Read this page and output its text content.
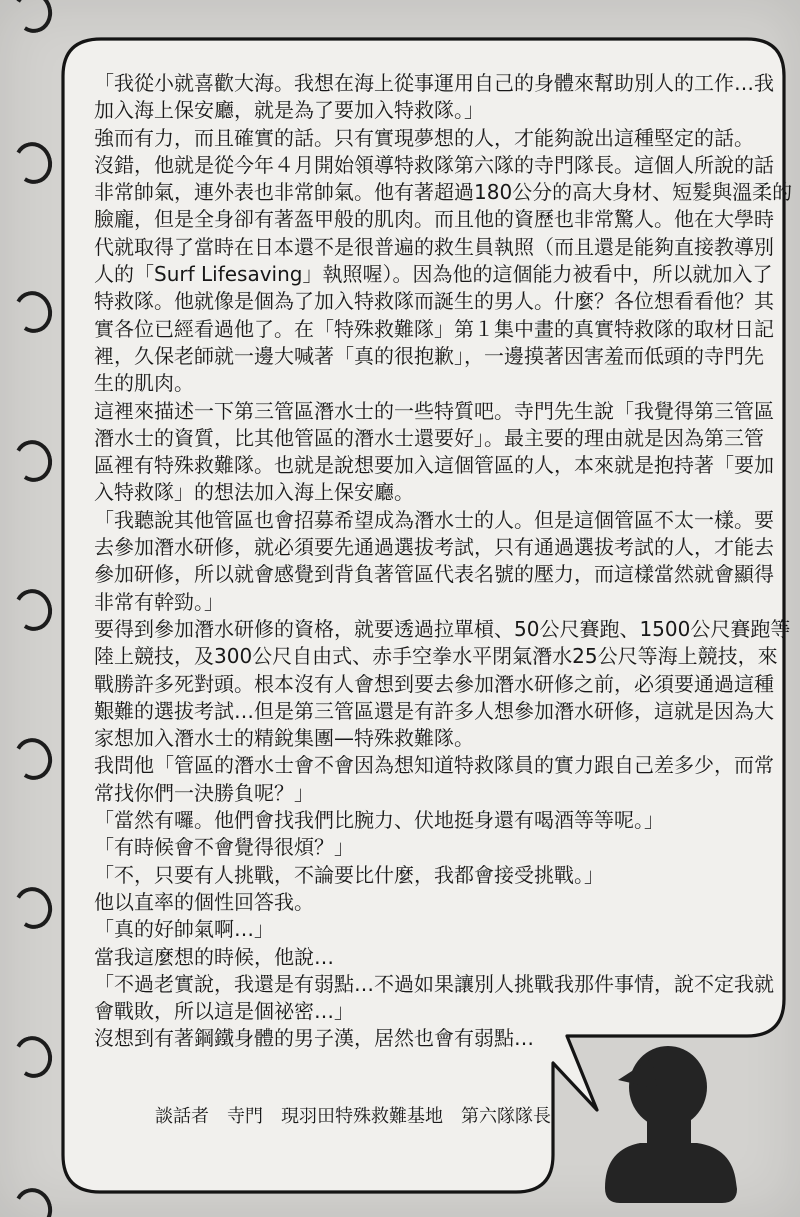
「我從小就喜歡大海。我想在海上從事運用自己的身體來幫助別人的工作…我
加入海上保安廳，就是為了要加入特救隊。」
強而有力，而且確實的話。只有實現夢想的人，才能夠說出這種堅定的話。
沒錯，他就是從今年４月開始領導特救隊第六隊的寺門隊長。這個人所說的話
非常帥氣，連外表也非常帥氣。他有著超過180公分的高大身材、短髮與溫柔的
臉龐，但是全身卻有著盔甲般的肌肉。而且他的資歷也非常驚人。他在大學時
代就取得了當時在日本還不是很普遍的救生員執照（而且還是能夠直接教導別
人的「Surf Lifesaving」執照喔）。因為他的這個能力被看中，所以就加入了
特救隊。他就像是個為了加入特救隊而誕生的男人。什麼？各位想看看他？其
實各位已經看過他了。在「特殊救難隊」第１集中畫的真實特救隊的取材日記
裡，久保老師就一邊大喊著「真的很抱歉」，一邊摸著因害羞而低頭的寺門先
生的肌肉。
這裡來描述一下第三管區潛水士的一些特質吧。寺門先生說「我覺得第三管區
潛水士的資質，比其他管區的潛水士還要好」。最主要的理由就是因為第三管
區裡有特殊救難隊。也就是說想要加入這個管區的人，本來就是抱持著「要加
入特救隊」的想法加入海上保安廳。
「我聽說其他管區也會招募希望成為潛水士的人。但是這個管區不太一樣。要
去參加潛水研修，就必須要先通過選拔考試，只有通過選拔考試的人，才能去
參加研修，所以就會感覺到背負著管區代表名號的壓力，而這樣當然就會顯得
非常有幹勁。」
要得到參加潛水研修的資格，就要透過拉單槓、50公尺賽跑、1500公尺賽跑等
陸上競技，及300公尺自由式、赤手空拳水平閉氣潛水25公尺等海上競技，來
戰勝許多死對頭。根本沒有人會想到要去參加潛水研修之前，必須要通過這種
艱難的選拔考試…但是第三管區還是有許多人想參加潛水研修，這就是因為大
家想加入潛水士的精銳集團—特殊救難隊。
我問他「管區的潛水士會不會因為想知道特救隊員的實力跟自己差多少，而常
常找你們一決勝負呢？」
「當然有囉。他們會找我們比腕力、伏地挺身還有喝酒等等呢。」
「有時候會不會覺得很煩？」
「不，只要有人挑戰，不論要比什麼，我都會接受挑戰。」
他以直率的個性回答我。
「真的好帥氣啊…」
當我這麼想的時候，他說…
「不過老實說，我還是有弱點…不過如果讓別人挑戰我那件事情，說不定我就
會戰敗，所以這是個祕密…」
沒想到有著鋼鐵身體的男子漢，居然也會有弱點…
談話者　寺門　現羽田特殊救難基地　第六隊隊長
